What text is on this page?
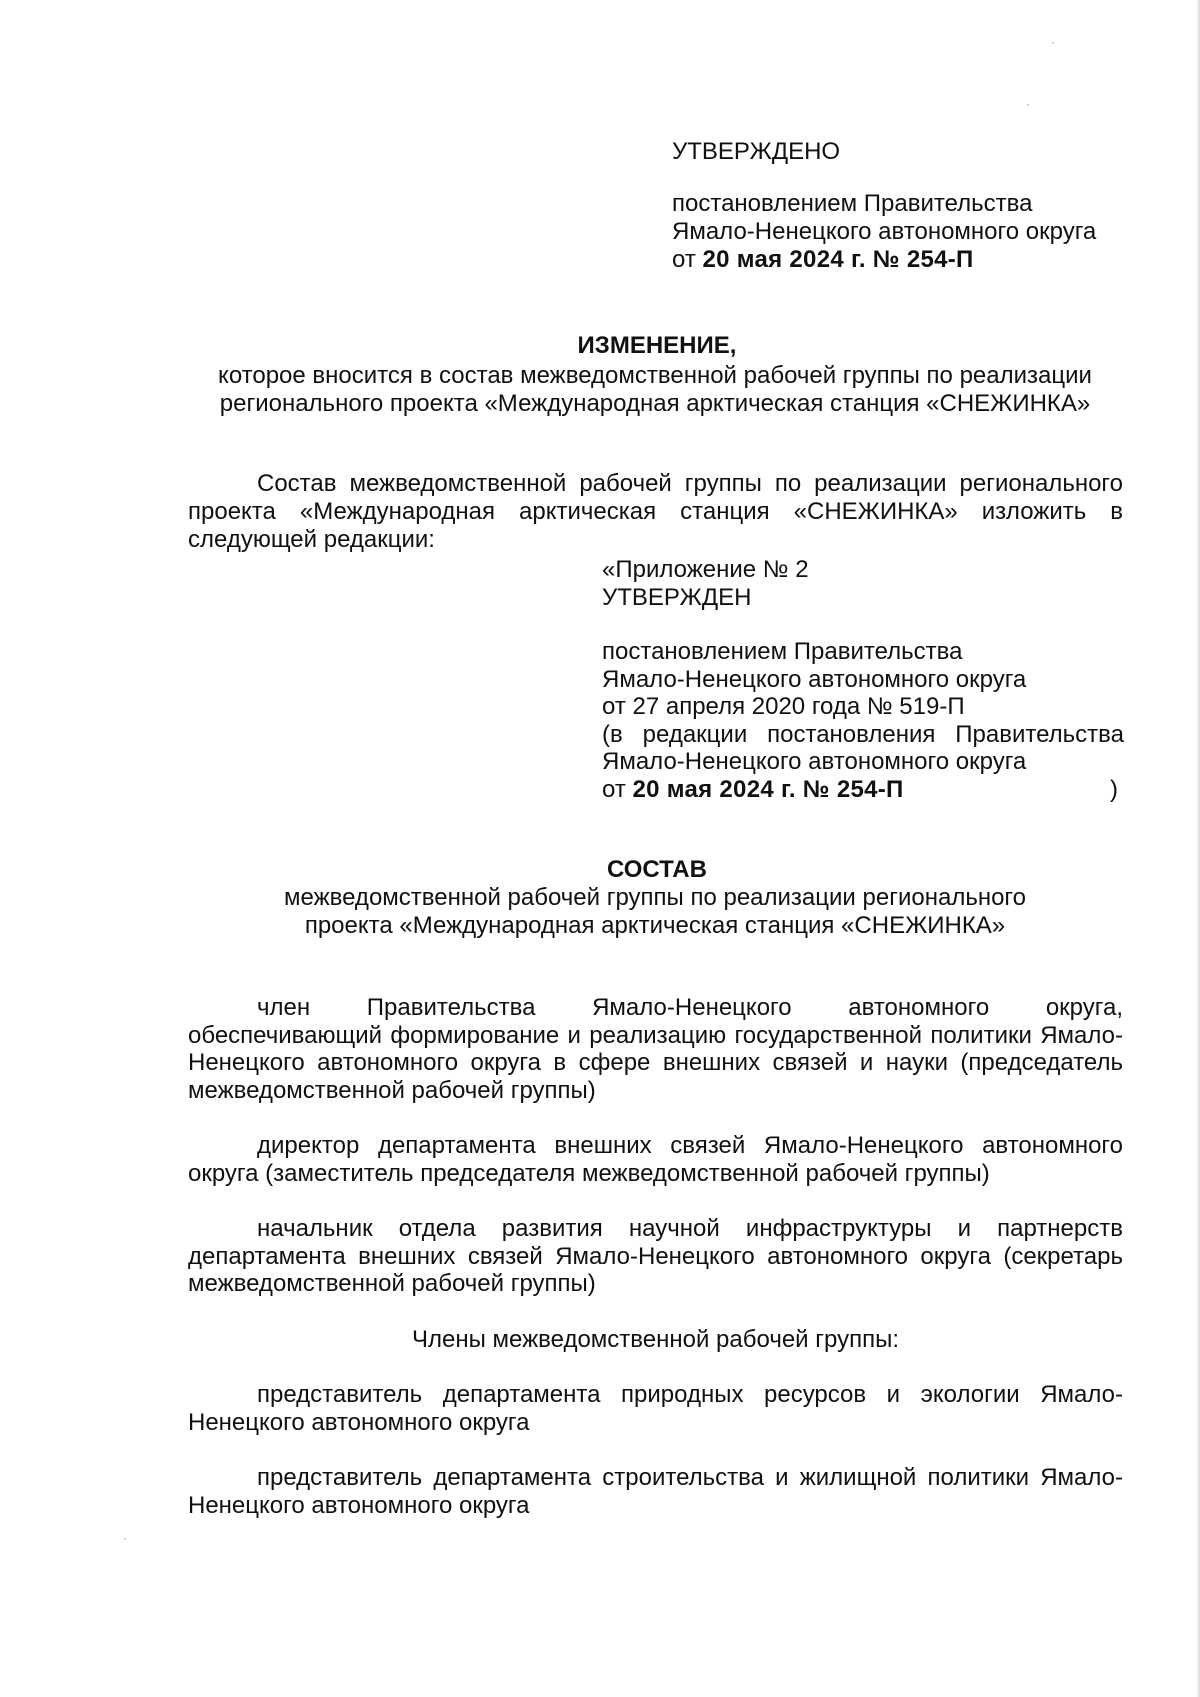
УТВЕРЖДЕНО
постановлением Правительства
Ямало-Ненецкого автономного округа
от 20 мая 2024 г. № 254-П
ИЗМЕНЕНИЕ,
которое вносится в состав межведомственной рабочей группы по реализации
регионального проекта «Международная арктическая станция «СНЕЖИНКА»
Состав межведомственной рабочей группы по реализации регионального проекта «Международная арктическая станция «СНЕЖИНКА» изложить в следующей редакции:
«Приложение № 2
УТВЕРЖДЕН
постановлением Правительства
Ямало-Ненецкого автономного округа
от 27 апреля 2020 года № 519-П
(в редакции постановления Правительства
Ямало-Ненецкого автономного округа
от 20 мая 2024 г. № 254-П	)
СОСТАВ
межведомственной рабочей группы по реализации регионального
проекта «Международная арктическая станция «СНЕЖИНКА»

член Правительства Ямало-Ненецкого автономного округа, обеспечивающий формирование и реализацию государственной политики Ямало-Ненецкого автономного округа в сфере внешних связей и науки (председатель межведомственной рабочей группы)

директор департамента внешних связей Ямало-Ненецкого автономного округа (заместитель председателя межведомственной рабочей группы)

начальник отдела развития научной инфраструктуры и партнерств департамента внешних связей Ямало-Ненецкого автономного округа (секретарь межведомственной рабочей группы)

Члены межведомственной рабочей группы:

представитель департамента природных ресурсов и экологии Ямало-Ненецкого автономного округа

представитель департамента строительства и жилищной политики Ямало-Ненецкого автономного округа
